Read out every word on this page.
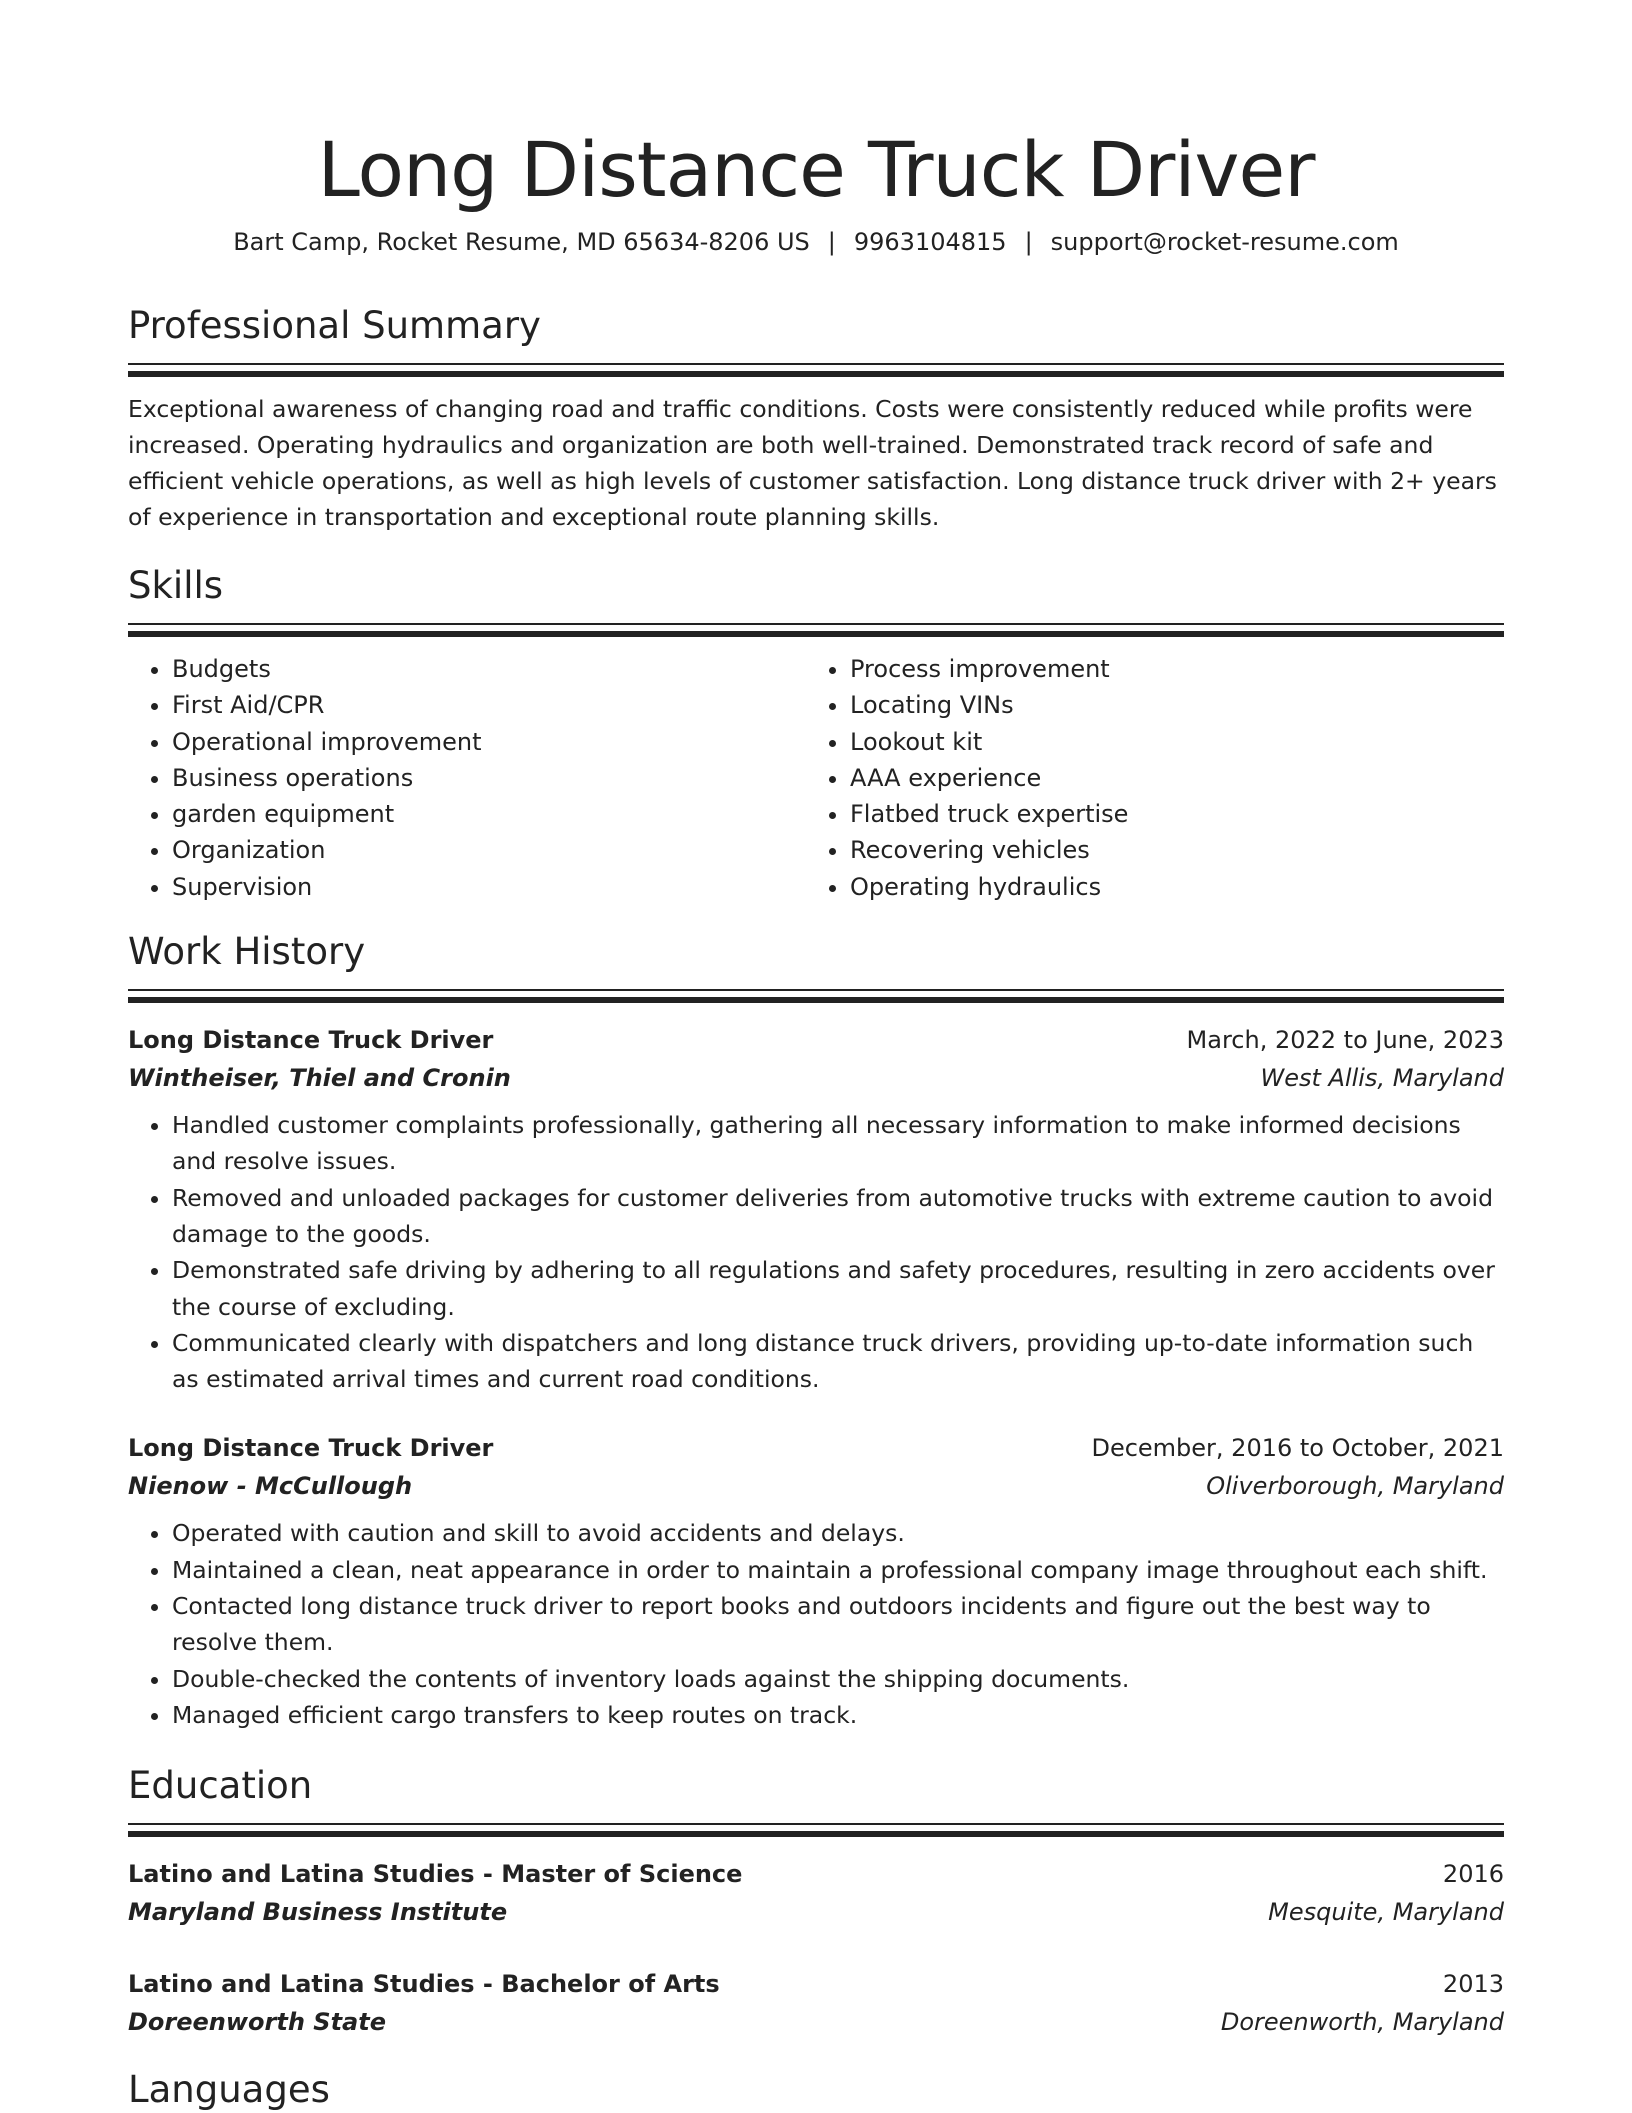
Long Distance Truck Driver
Bart Camp, Rocket Resume, MD 65634-8206 US | 9963104815 | support@rocket-resume.com
Professional Summary
Exceptional awareness of changing road and traffic conditions. Costs were consistently reduced while profits were increased. Operating hydraulics and organization are both well-trained. Demonstrated track record of safe and efficient vehicle operations, as well as high levels of customer satisfaction. Long distance truck driver with 2+ years of experience in transportation and exceptional route planning skills.
Skills
• Budgets
• First Aid/CPR
• Operational improvement
• Business operations
• garden equipment
• Organization
• Supervision
• Process improvement
• Locating VINs
• Lookout kit
• AAA experience
• Flatbed truck expertise
• Recovering vehicles
• Operating hydraulics
Work History
Long Distance Truck Driver	March, 2022 to June, 2023
Wintheiser, Thiel and Cronin	West Allis, Maryland
• Handled customer complaints professionally, gathering all necessary information to make informed decisions and resolve issues.
• Removed and unloaded packages for customer deliveries from automotive trucks with extreme caution to avoid damage to the goods.
• Demonstrated safe driving by adhering to all regulations and safety procedures, resulting in zero accidents over the course of excluding.
• Communicated clearly with dispatchers and long distance truck drivers, providing up-to-date information such as estimated arrival times and current road conditions.
Long Distance Truck Driver	December, 2016 to October, 2021
Nienow - McCullough	Oliverborough, Maryland
• Operated with caution and skill to avoid accidents and delays.
• Maintained a clean, neat appearance in order to maintain a professional company image throughout each shift.
• Contacted long distance truck driver to report books and outdoors incidents and figure out the best way to resolve them.
• Double-checked the contents of inventory loads against the shipping documents.
• Managed efficient cargo transfers to keep routes on track.
Education
Latino and Latina Studies - Master of Science	2016
Maryland Business Institute	Mesquite, Maryland
Latino and Latina Studies - Bachelor of Arts	2013
Doreenworth State	Doreenworth, Maryland
Languages
